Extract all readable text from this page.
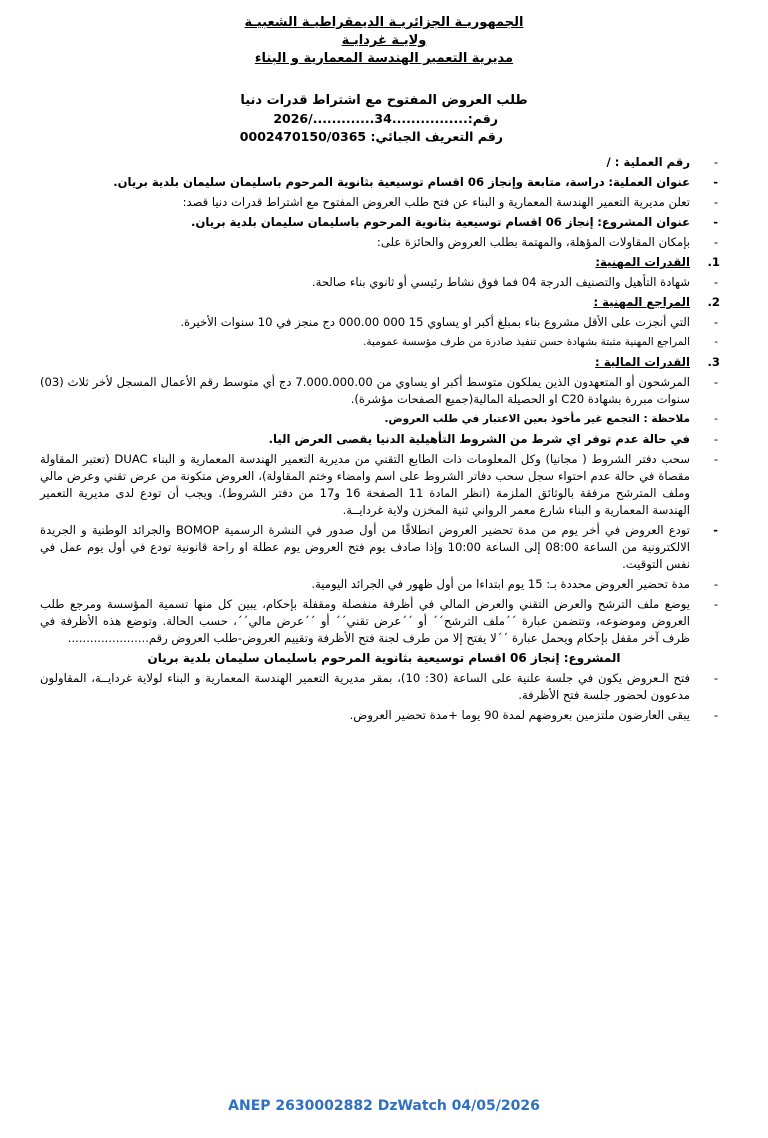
الجمهوريـة الجزائريـة الديمقراطيـة الشعبيـة
ولايـة غردايـة
مديرية التعمير الهندسة المعمارية و البناء
طلب العروض المفتوح مع اشتراط قدرات دنيا
رقم:................34............./2026
رقم التعريف الجبائي: 0002470150/0365
-
رقم العملية : /
-
عنوان العملية: دراسة، متابعة وإنجاز 06 اقسام توسيعية بثانوية المرحوم باسليمان سليمان بلدية بريان.
-
تعلن مديرية التعمير الهندسة المعمارية و البناء عن فتح طلب العروض المفتوح مع اشتراط قدرات دنيا قصد:
-
عنوان المشروع: إنجاز 06 اقسام توسيعية بثانوية المرحوم باسليمان سليمان بلدية بريان.
-
بإمكان المقاولات المؤهلة، والمهتمة بطلب العروض والحائزة على:
1.
القدرات المهنية:
-
شهادة التأهيل والتصنيف الدرجة 04 فما فوق نشاط رئيسي أو ثانوي بناء صالحة.
2.
المراجع المهنية :
-
التي أنجزت على الأقل مشروع بناء بمبلغ أكبر او يساوي 15 000 000.00 دج منجز في 10 سنوات الأخيرة.
-
المراجع المهنية مثبتة بشهادة حسن تنفيذ صادرة من طرف مؤسسة عمومية.
3.
القدرات المالية :
-
المرشحون أو المتعهدون الذين يملكون متوسط أكبر او يساوي من 7.000.000.00 دج أي متوسط رقم الأعمال المسجل لأخر ثلاث (03) سنوات مبررة بشهادة C20 او الحصيلة المالية(جميع الصفحات مؤشرة).
-
ملاحظة : التجمع غير مأخوذ بعين الاعتبار في طلب العروض.
-
في حالة عدم توفر اي شرط من الشروط التأهيلية الدنيا يقصى العرض اليا.
-
سحب دفتر الشروط ( مجانيا) وكل المعلومات ذات الطابع التقني من مديرية التعمير الهندسة المعمارية و البناء DUAC (تعتبر المقاولة مقصاة في حالة عدم احتواء سجل سحب دفاتر الشروط على اسم وامضاء وختم المقاولة)، العروض متكونة من عرض تقني وعرض مالي وملف المترشح مرفقة بالوثائق الملزمة (انظر المادة 11 الصفحة 16 و17 من دفتر الشروط). ويجب أن تودع لدى مديرية التعمير الهندسة المعمارية و البناء شارع معمر الرواني ثنية المخزن ولاية غردايــة.
-
تودع العروض في أخر يوم من مدة تحضير العروض انطلاقًا من أول صدور في النشرة الرسمية BOMOP والجرائد الوطنية و الجريدة الالكترونية من الساعة 08:00 إلى الساعة 10:00 وإذا صادف يوم فتح العروض يوم عطلة او راحة قانونية تودع في أول يوم عمل في نفس التوقيت.
-
مدة تحضير العروض محددة بـ: 15 يوم ابتداءا من أول ظهور في الجرائد اليومية.
-
يوضع ملف الترشح والعرض التقني والعرض المالي في أظرفة منفصلة ومقفلة بإحكام، يبين كل منها تسمية المؤسسة ومرجع طلب العروض وموضوعه، وتتضمن عبارة ´´ملف الترشح´´ أو ´´عرض تقني´´ أو ´´عرض مالي´´، حسب الحالة. وتوضع هذه الأظرفة في ظرف آخر مقفل بإحكام ويحمل عبارة ´´لا يفتح إلا من طرف لجنة فتح الأظرفة وتقييم العروض-طلب العروض رقم......................
المشروع: إنجاز 06 اقسام توسيعية بثانوية المرحوم باسليمان سليمان بلدية بريان
-
فتح الـعروض يكون في جلسة علنية على الساعة (30: 10)، بمقر مديرية التعمير الهندسة المعمارية و البناء لولاية غردايــة، المقاولون مدعوون لحضور جلسة فتح الأظرفة.
-
يبقى العارضون ملتزمين بعروضهم لمدة 90 يوما +مدة تحضير العروض.
ANEP 2630002882 DzWatch 04/05/2026
